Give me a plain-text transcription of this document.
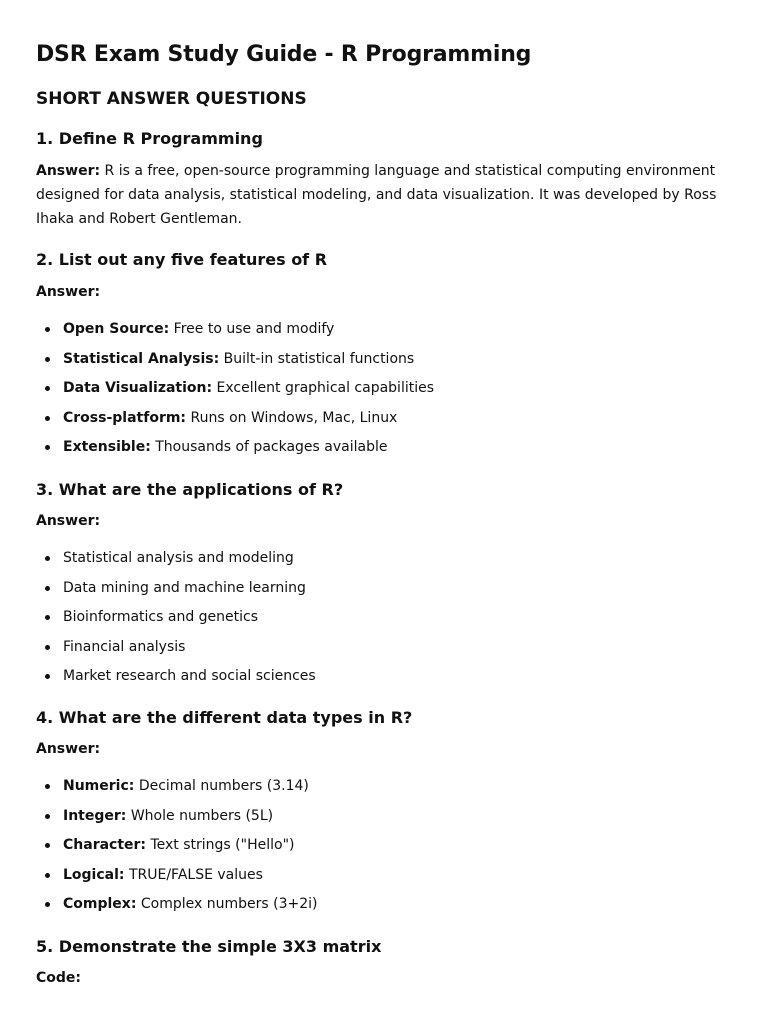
DSR Exam Study Guide - R Programming
SHORT ANSWER QUESTIONS
1. Define R Programming

Answer: R is a free, open-source programming language and statistical computing environment designed for data analysis, statistical modeling, and data visualization. It was developed by Ross Ihaka and Robert Gentleman.

2. List out any five features of R

Answer:

Open Source: Free to use and modify
Statistical Analysis: Built-in statistical functions
Data Visualization: Excellent graphical capabilities
Cross-platform: Runs on Windows, Mac, Linux
Extensible: Thousands of packages available
3. What are the applications of R?

Answer:

Statistical analysis and modeling
Data mining and machine learning
Bioinformatics and genetics
Financial analysis
Market research and social sciences
4. What are the different data types in R?

Answer:

Numeric: Decimal numbers (3.14)
Integer: Whole numbers (5L)
Character: Text strings ("Hello")
Logical: TRUE/FALSE values
Complex: Complex numbers (3+2i)
5. Demonstrate the simple 3X3 matrix

Code:
